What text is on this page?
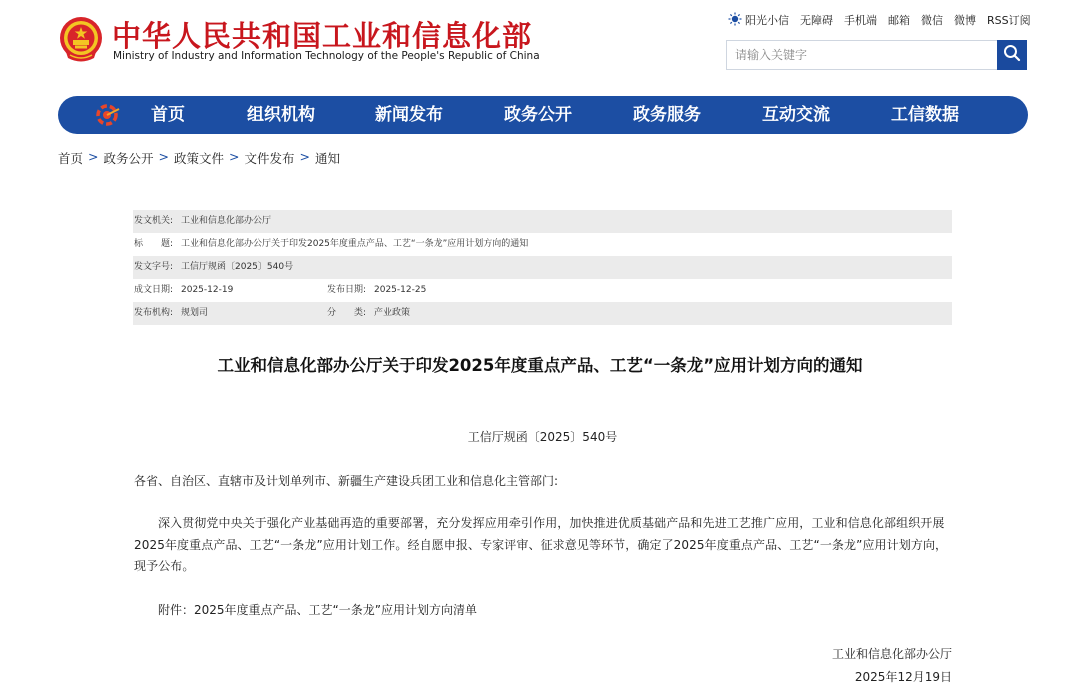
中华人民共和国工业和信息化部
Ministry of Industry and Information Technology of the People's Republic of China
阳光小信 无障碍 手机端 邮箱 微信 微博 RSS订阅
请输入关键字
首页	组织机构	新闻发布	政务公开	政务服务	互动交流	工信数据
首页 > 政务公开 > 政策文件 > 文件发布 > 通知
发文机关: 工业和信息化部办公厅
标　　题: 工业和信息化部办公厅关于印发2025年度重点产品、工艺“一条龙”应用计划方向的通知
发文字号: 工信厅规函〔2025〕540号
成文日期: 2025-12-19	发布日期: 2025-12-25
发布机构: 规划司	分　　类: 产业政策
工业和信息化部办公厅关于印发2025年度重点产品、工艺“一条龙”应用计划方向的通知
工信厅规函〔2025〕540号
各省、自治区、直辖市及计划单列市、新疆生产建设兵团工业和信息化主管部门:
深入贯彻党中央关于强化产业基础再造的重要部署，充分发挥应用牵引作用，加快推进优质基础产品和先进工艺推广应用，工业和信息化部组织开展2025年度重点产品、工艺“一条龙”应用计划工作。经自愿申报、专家评审、征求意见等环节，确定了2025年度重点产品、工艺“一条龙”应用计划方向，现予公布。
附件：2025年度重点产品、工艺“一条龙”应用计划方向清单
工业和信息化部办公厅
2025年12月19日
